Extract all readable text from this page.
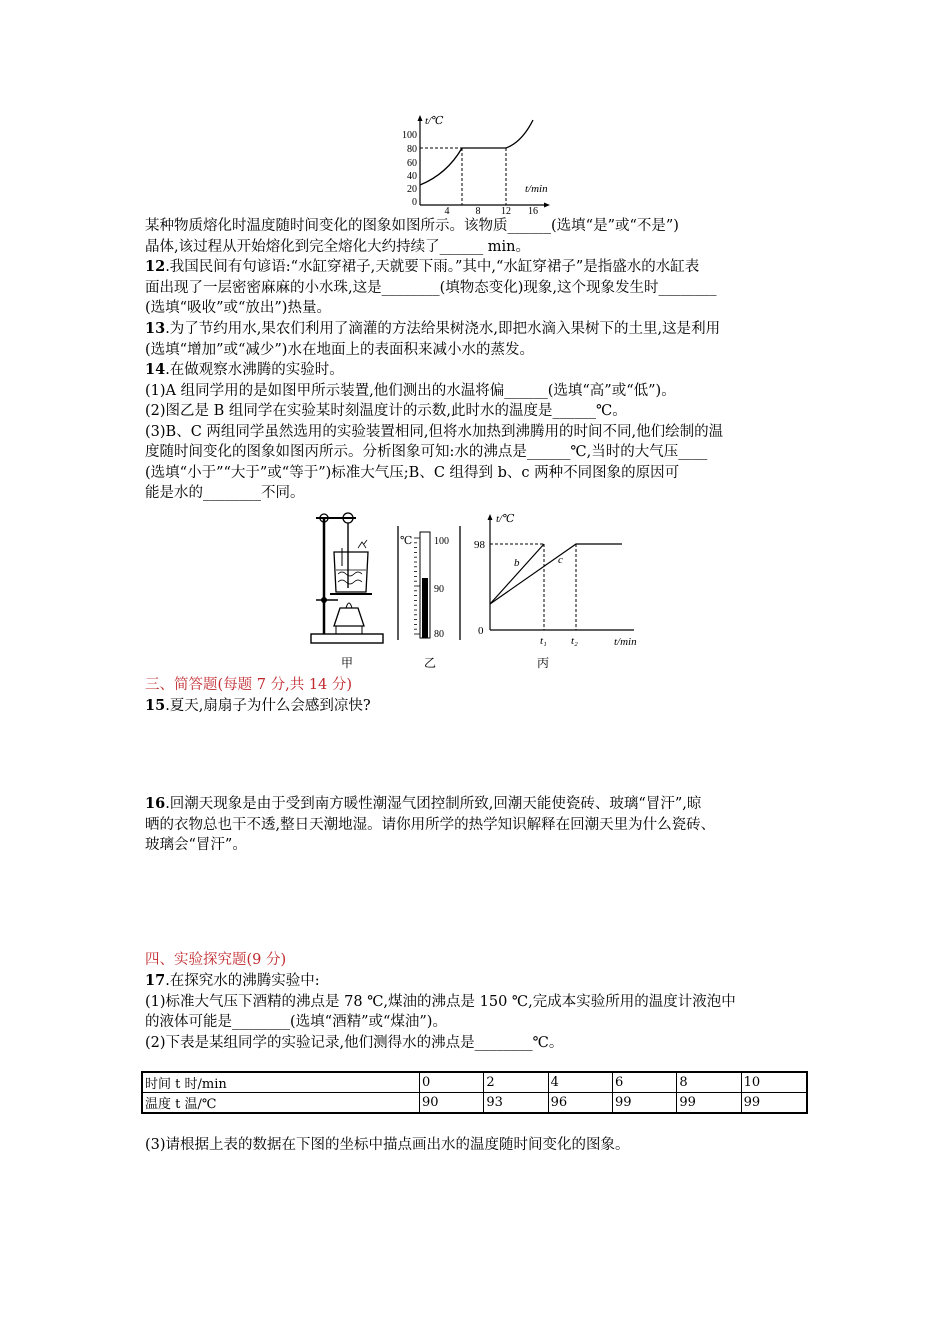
t/℃
t/min
100
80
60
40
20
0
4	8 12 16

某种物质熔化时温度随时间变化的图象如图所示。该物质______(选填“是”或“不是”)

晶体,该过程从开始熔化到完全熔化大约持续了______ min。

12.我国民间有句谚语:“水缸穿裙子,天就要下雨。”其中,“水缸穿裙子”是指盛水的水缸表

面出现了一层密密麻麻的小水珠,这是________(填物态变化)现象,这个现象发生时________

(选填“吸收”或“放出”)热量。

13.为了节约用水,果农们利用了滴灌的方法给果树浇水,即把水滴入果树下的土里,这是利用

(选填“增加”或“减少”)水在地面上的表面积来减小水的蒸发。

14.在做观察水沸腾的实验时。

(1)A 组同学用的是如图甲所示装置,他们测出的水温将偏______(选填“高”或“低”)。

(2)图乙是 B 组同学在实验某时刻温度计的示数,此时水的温度是______℃。

(3)B、C 两组同学虽然选用的实验装置相同,但将水加热到沸腾用的时间不同,他们绘制的温

度随时间变化的图象如图丙所示。分析图象可知:水的沸点是______℃,当时的大气压____

(选填“小于”“大于”或“等于”)标准大气压;B、C 组得到 b、c 两种不同图象的原因可

能是水的________不同。

℃ 100
90
80
t/℃
98
0
b	c
t₁ t₂	t/min
甲	乙	丙

三、简答题(每题 7 分,共 14 分)

15.夏天,扇扇子为什么会感到凉快?

16.回潮天现象是由于受到南方暖性潮湿气团控制所致,回潮天能使瓷砖、玻璃“冒汗”,晾

晒的衣物总也干不透,整日天潮地湿。请你用所学的热学知识解释在回潮天里为什么瓷砖、

玻璃会“冒汗”。

四、实验探究题(9 分)

17.在探究水的沸腾实验中:

(1)标准大气压下酒精的沸点是 78 ℃,煤油的沸点是 150 ℃,完成本实验所用的温度计液泡中

的液体可能是________(选填“酒精”或“煤油”)。

(2)下表是某组同学的实验记录,他们测得水的沸点是________℃。

时间 t 时/min	0	2	4	6	8	10
温度 t 温/℃	90	93	96	99	99	99

(3)请根据上表的数据在下图的坐标中描点画出水的温度随时间变化的图象。
